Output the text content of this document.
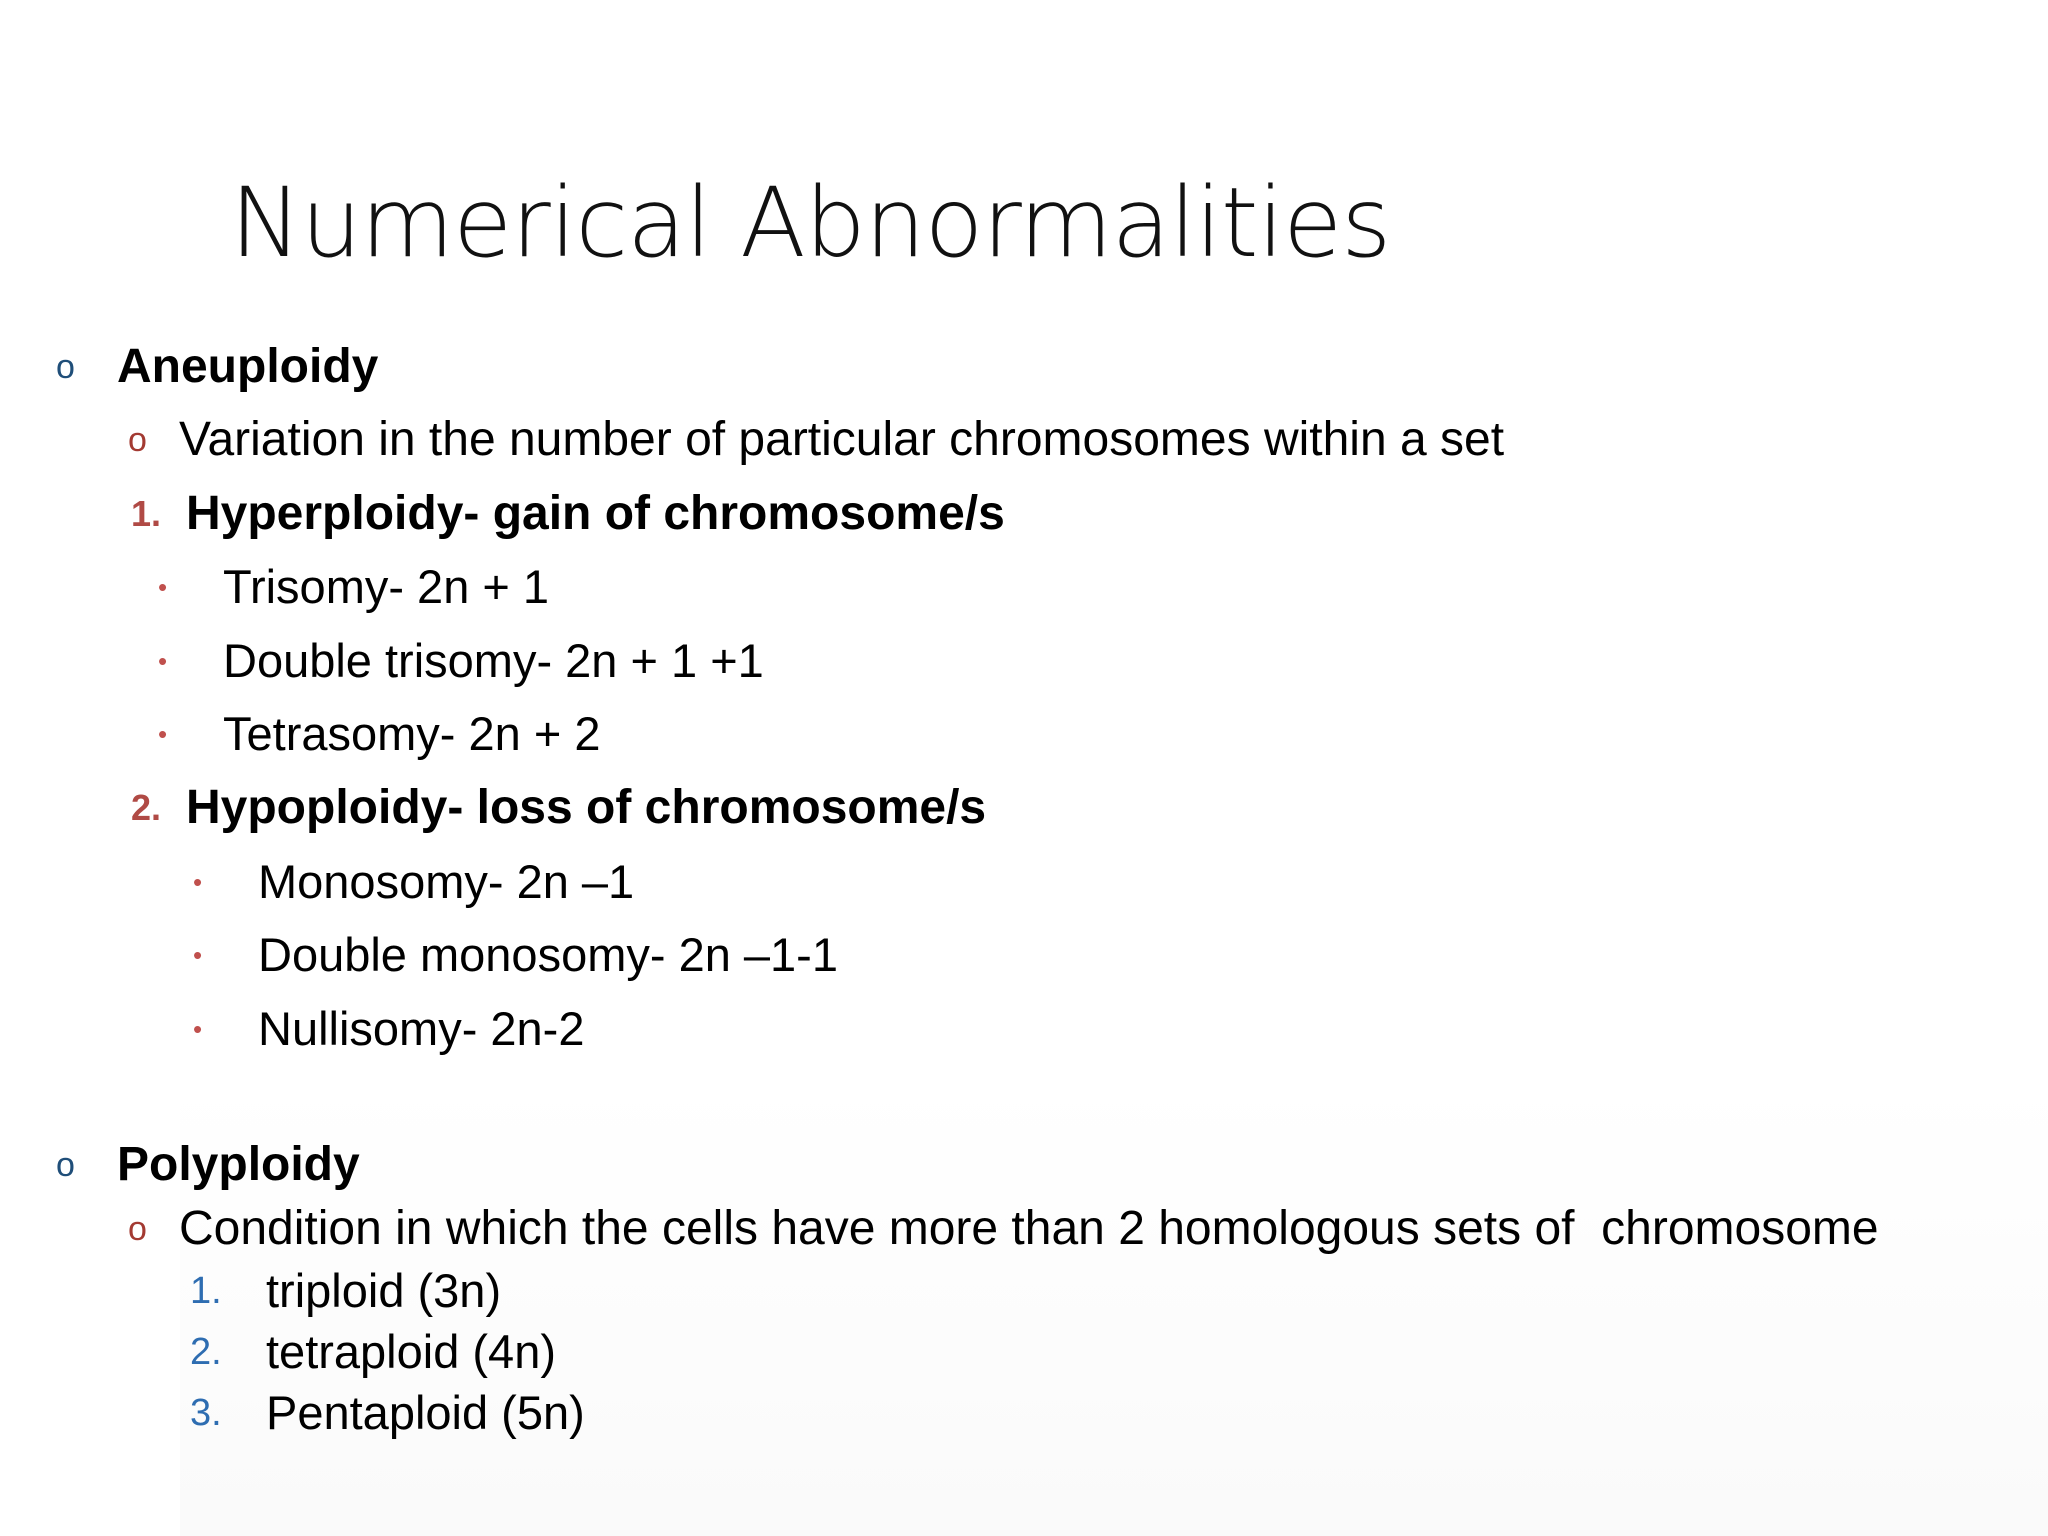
Numerical Abnormalities
o Aneuploidy
o Variation in the number of particular chromosomes within a set
1. Hyperploidy- gain of chromosome/s
• Trisomy- 2n + 1
• Double trisomy- 2n + 1 +1
• Tetrasomy- 2n + 2
2. Hypoploidy- loss of chromosome/s
• Monosomy- 2n –1
• Double monosomy- 2n –1-1
• Nullisomy- 2n-2
o Polyploidy
o Condition in which the cells have more than 2 homologous sets of  chromosome
1. triploid (3n)
2. tetraploid (4n)
3. Pentaploid (5n)
